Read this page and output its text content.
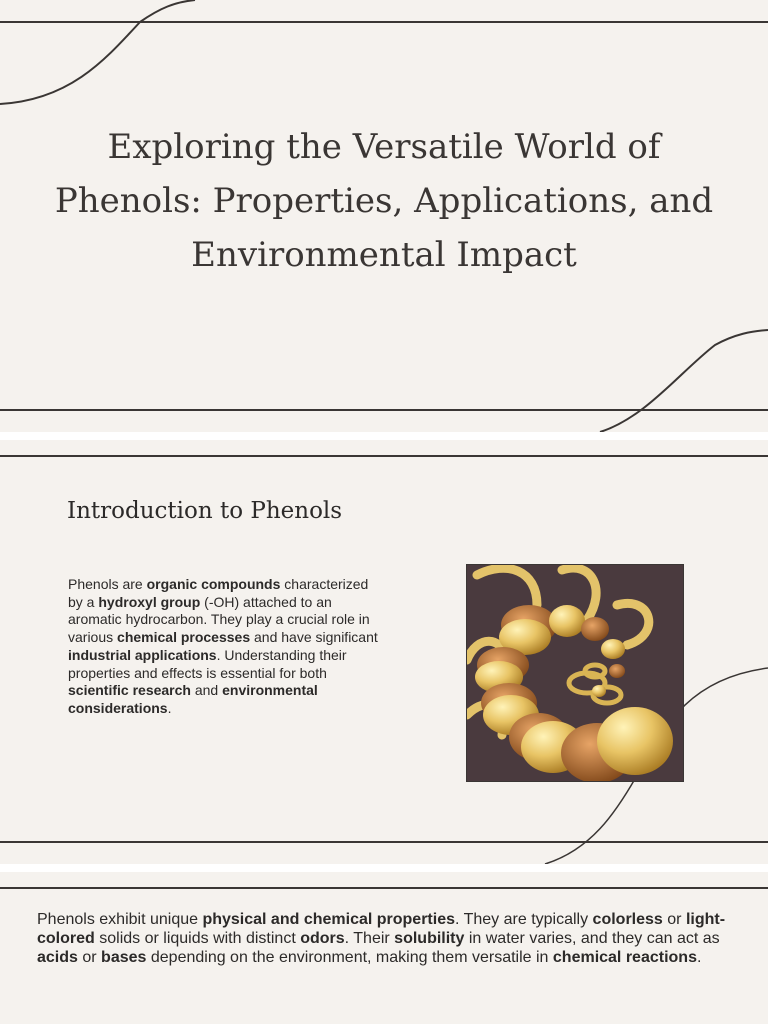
Exploring the Versatile World of Phenols: Properties, Applications, and Environmental Impact
Introduction to Phenols

Phenols are organic compounds characterized by a hydroxyl group (-OH) attached to an aromatic hydrocarbon. They play a crucial role in various chemical processes and have significant industrial applications. Understanding their properties and effects is essential for both scientific research and environmental considerations.

Phenols exhibit unique physical and chemical properties. They are typically colorless or light-colored solids or liquids with distinct odors. Their solubility in water varies, and they can act as acids or bases depending on the environment, making them versatile in chemical reactions.
